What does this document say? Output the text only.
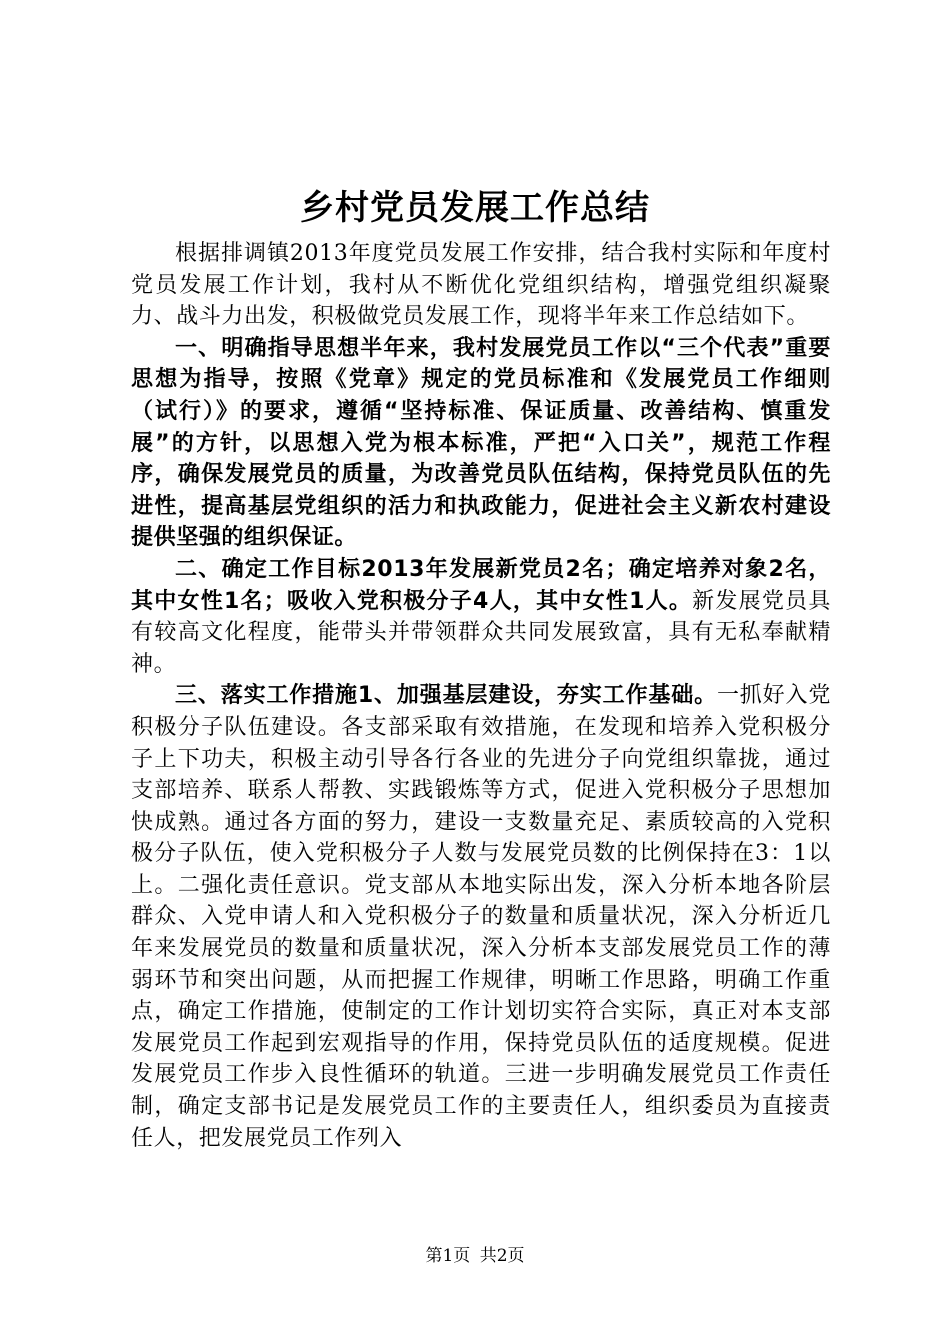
乡村党员发展工作总结

根据排调镇2013年度党员发展工作安排，结合我村实际和年度村党员发展工作计划，我村从不断优化党组织结构，增强党组织凝聚力、战斗力出发，积极做党员发展工作，现将半年来工作总结如下。

一、明确指导思想半年来，我村发展党员工作以“三个代表”重要思想为指导，按照《党章》规定的党员标准和《发展党员工作细则（试行）》的要求，遵循“坚持标准、保证质量、改善结构、慎重发展”的方针，以思想入党为根本标准，严把“入口关”，规范工作程序，确保发展党员的质量，为改善党员队伍结构，保持党员队伍的先进性，提高基层党组织的活力和执政能力，促进社会主义新农村建设提供坚强的组织保证。

二、确定工作目标2013年发展新党员2名；确定培养对象2名，其中女性1名；吸收入党积极分子4人，其中女性1人。新发展党员具有较高文化程度，能带头并带领群众共同发展致富，具有无私奉献精神。

三、落实工作措施1、加强基层建设，夯实工作基础。一抓好入党积极分子队伍建设。各支部采取有效措施，在发现和培养入党积极分子上下功夫，积极主动引导各行各业的先进分子向党组织靠拢，通过支部培养、联系人帮教、实践锻炼等方式，促进入党积极分子思想加快成熟。通过各方面的努力，建设一支数量充足、素质较高的入党积极分子队伍，使入党积极分子人数与发展党员数的比例保持在3：1以上。二强化责任意识。党支部从本地实际出发，深入分析本地各阶层群众、入党申请人和入党积极分子的数量和质量状况，深入分析近几年来发展党员的数量和质量状况，深入分析本支部发展党员工作的薄弱环节和突出问题，从而把握工作规律，明晰工作思路，明确工作重点，确定工作措施，使制定的工作计划切实符合实际，真正对本支部发展党员工作起到宏观指导的作用，保持党员队伍的适度规模。促进发展党员工作步入良性循环的轨道。三进一步明确发展党员工作责任制，确定支部书记是发展党员工作的主要责任人，组织委员为直接责任人，把发展党员工作列入

第1页 共2页
